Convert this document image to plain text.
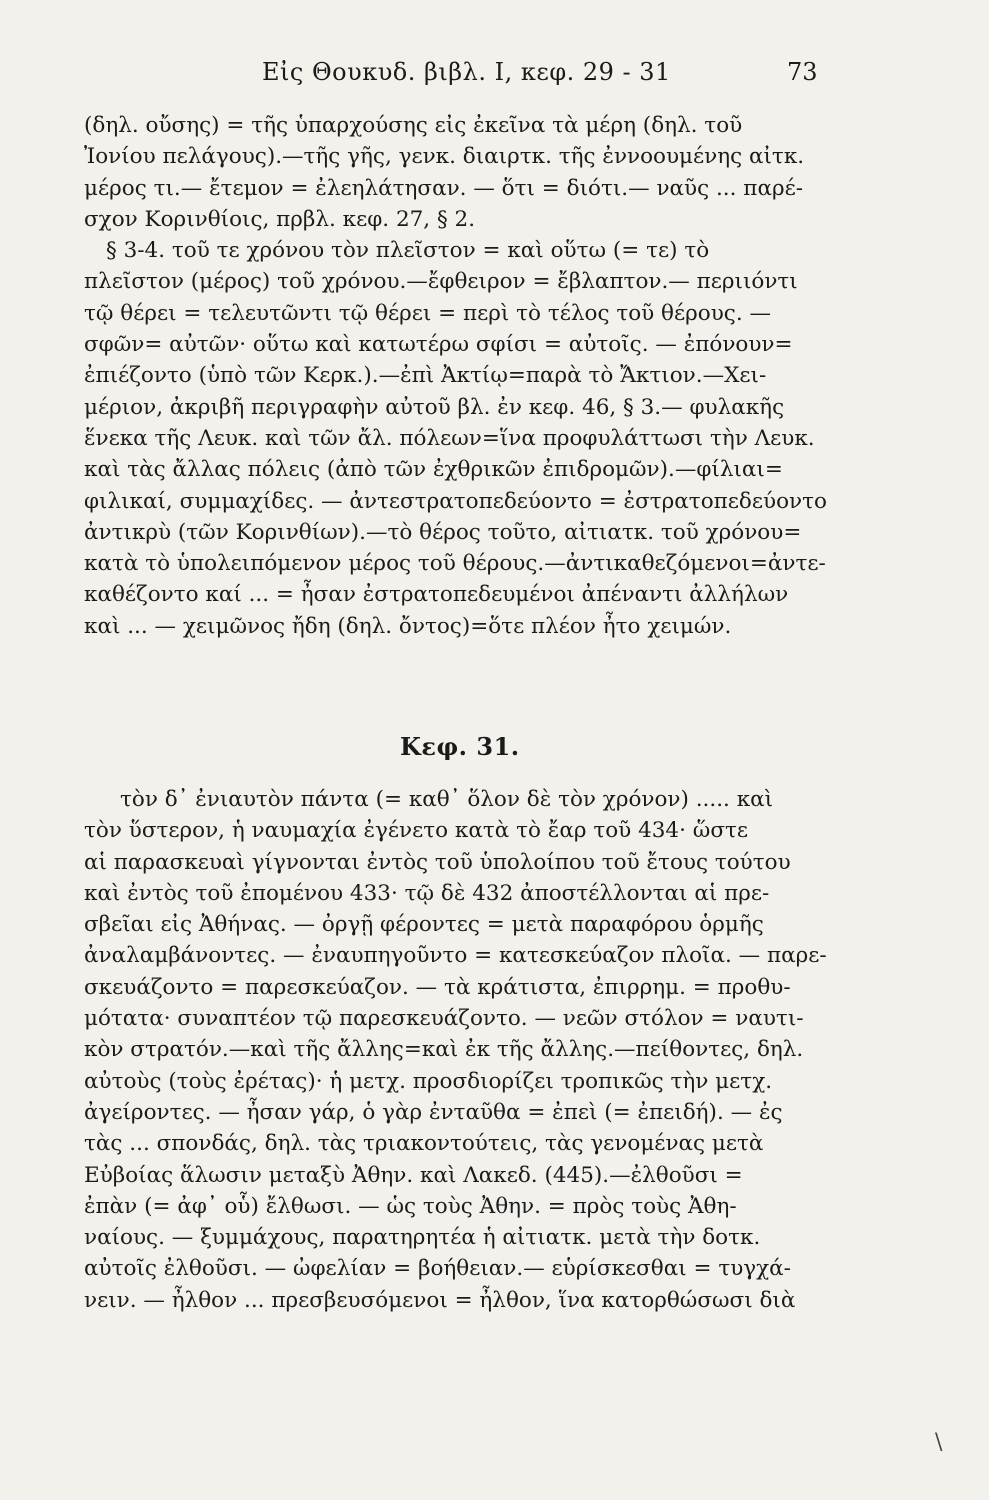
Εἰς Θουκυδ. βιβλ. Ι, κεφ. 29 - 31	73
(δηλ. οὔσης) = τῆς ὑπαρχούσης εἰς ἐκεῖνα τὰ μέρη (δηλ. τοῦ
Ἰονίου πελάγους).—τῆς γῆς, γενκ. διαιρτκ. τῆς ἐννοουμένης αἰτκ.
μέρος τι.— ἔτεμον = ἐλεηλάτησαν. — ὅτι = διότι.— ναῦς ... παρέ-
σχον Κορινθίοις, πρβλ. κεφ. 27, § 2.
§ 3-4. τοῦ τε χρόνου τὸν πλεῖστον = καὶ οὕτω (= τε) τὸ
πλεῖστον (μέρος) τοῦ χρόνου.—ἔφθειρον = ἔβλαπτον.— περιιόντι
τῷ θέρει = τελευτῶντι τῷ θέρει = περὶ τὸ τέλος τοῦ θέρους. —
σφῶν= αὐτῶν· οὕτω καὶ κατωτέρω σφίσι = αὐτοῖς. — ἐπόνουν=
ἐπιέζοντο (ὑπὸ τῶν Κερκ.).—ἐπὶ Ἀκτίῳ=παρὰ τὸ Ἄκτιον.—Χει-
μέριον, ἀκριβῆ περιγραφὴν αὐτοῦ βλ. ἐν κεφ. 46, § 3.— φυλακῆς
ἕνεκα τῆς Λευκ. καὶ τῶν ἄλ. πόλεων=ἵνα προφυλάττωσι τὴν Λευκ.
καὶ τὰς ἄλλας πόλεις (ἀπὸ τῶν ἐχθρικῶν ἐπιδρομῶν).—φίλιαι=
φιλικαί, συμμαχίδες. — ἀντεστρατοπεδεύοντο = ἐστρατοπεδεύοντο
ἀντικρὺ (τῶν Κορινθίων).—τὸ θέρος τοῦτο, αἰτιατκ. τοῦ χρόνου=
κατὰ τὸ ὑπολειπόμενον μέρος τοῦ θέρους.—ἀντικαθεζόμενοι=ἀντε-
καθέζοντο καί ... = ἦσαν ἐστρατοπεδευμένοι ἀπέναντι ἀλλήλων
καὶ ... — χειμῶνος ἤδη (δηλ. ὄντος)=ὅτε πλέον ἦτο χειμών.
Κεφ. 31.
τὸν δ᾽ ἐνιαυτὸν πάντα (= καθ᾽ ὅλον δὲ τὸν χρόνον) ..... καὶ
τὸν ὕστερον, ἡ ναυμαχία ἐγένετο κατὰ τὸ ἔαρ τοῦ 434· ὥστε
αἱ παρασκευαὶ γίγνονται ἐντὸς τοῦ ὑπολοίπου τοῦ ἔτους τούτου
καὶ ἐντὸς τοῦ ἐπομένου 433· τῷ δὲ 432 ἀποστέλλονται αἱ πρε-
σβεῖαι εἰς Ἀθήνας. — ὀργῇ φέροντες = μετὰ παραφόρου ὁρμῆς
ἀναλαμβάνοντες. — ἐναυπηγοῦντο = κατεσκεύαζον πλοῖα. — παρε-
σκευάζοντο = παρεσκεύαζον. — τὰ κράτιστα, ἐπιρρημ. = προθυ-
μότατα· συναπτέον τῷ παρεσκευάζοντο. — νεῶν στόλον = ναυτι-
κὸν στρατόν.—καὶ τῆς ἄλλης=καὶ ἐκ τῆς ἄλλης.—πείθοντες, δηλ.
αὐτοὺς (τοὺς ἐρέτας)· ἡ μετχ. προσδιορίζει τροπικῶς τὴν μετχ.
ἀγείροντες. — ἦσαν γάρ, ὁ γὰρ ἐνταῦθα = ἐπεὶ (= ἐπειδή). — ἐς
τὰς ... σπονδάς, δηλ. τὰς τριακοντούτεις, τὰς γενομένας μετὰ
Εὐβοίας ἅλωσιν μεταξὺ Ἀθην. καὶ Λακεδ. (445).—ἐλθοῦσι =
ἐπὰν (= ἀφ᾽ οὗ) ἔλθωσι. — ὡς τοὺς Ἀθην. = πρὸς τοὺς Ἀθη-
ναίους. — ξυμμάχους, παρατηρητέα ἡ αἰτιατκ. μετὰ τὴν δοτκ.
αὐτοῖς ἐλθοῦσι. — ὠφελίαν = βοήθειαν.— εὑρίσκεσθαι = τυγχά-
νειν. — ἦλθον ... πρεσβευσόμενοι = ἦλθον, ἵνα κατορθώσωσι διὰ
\
